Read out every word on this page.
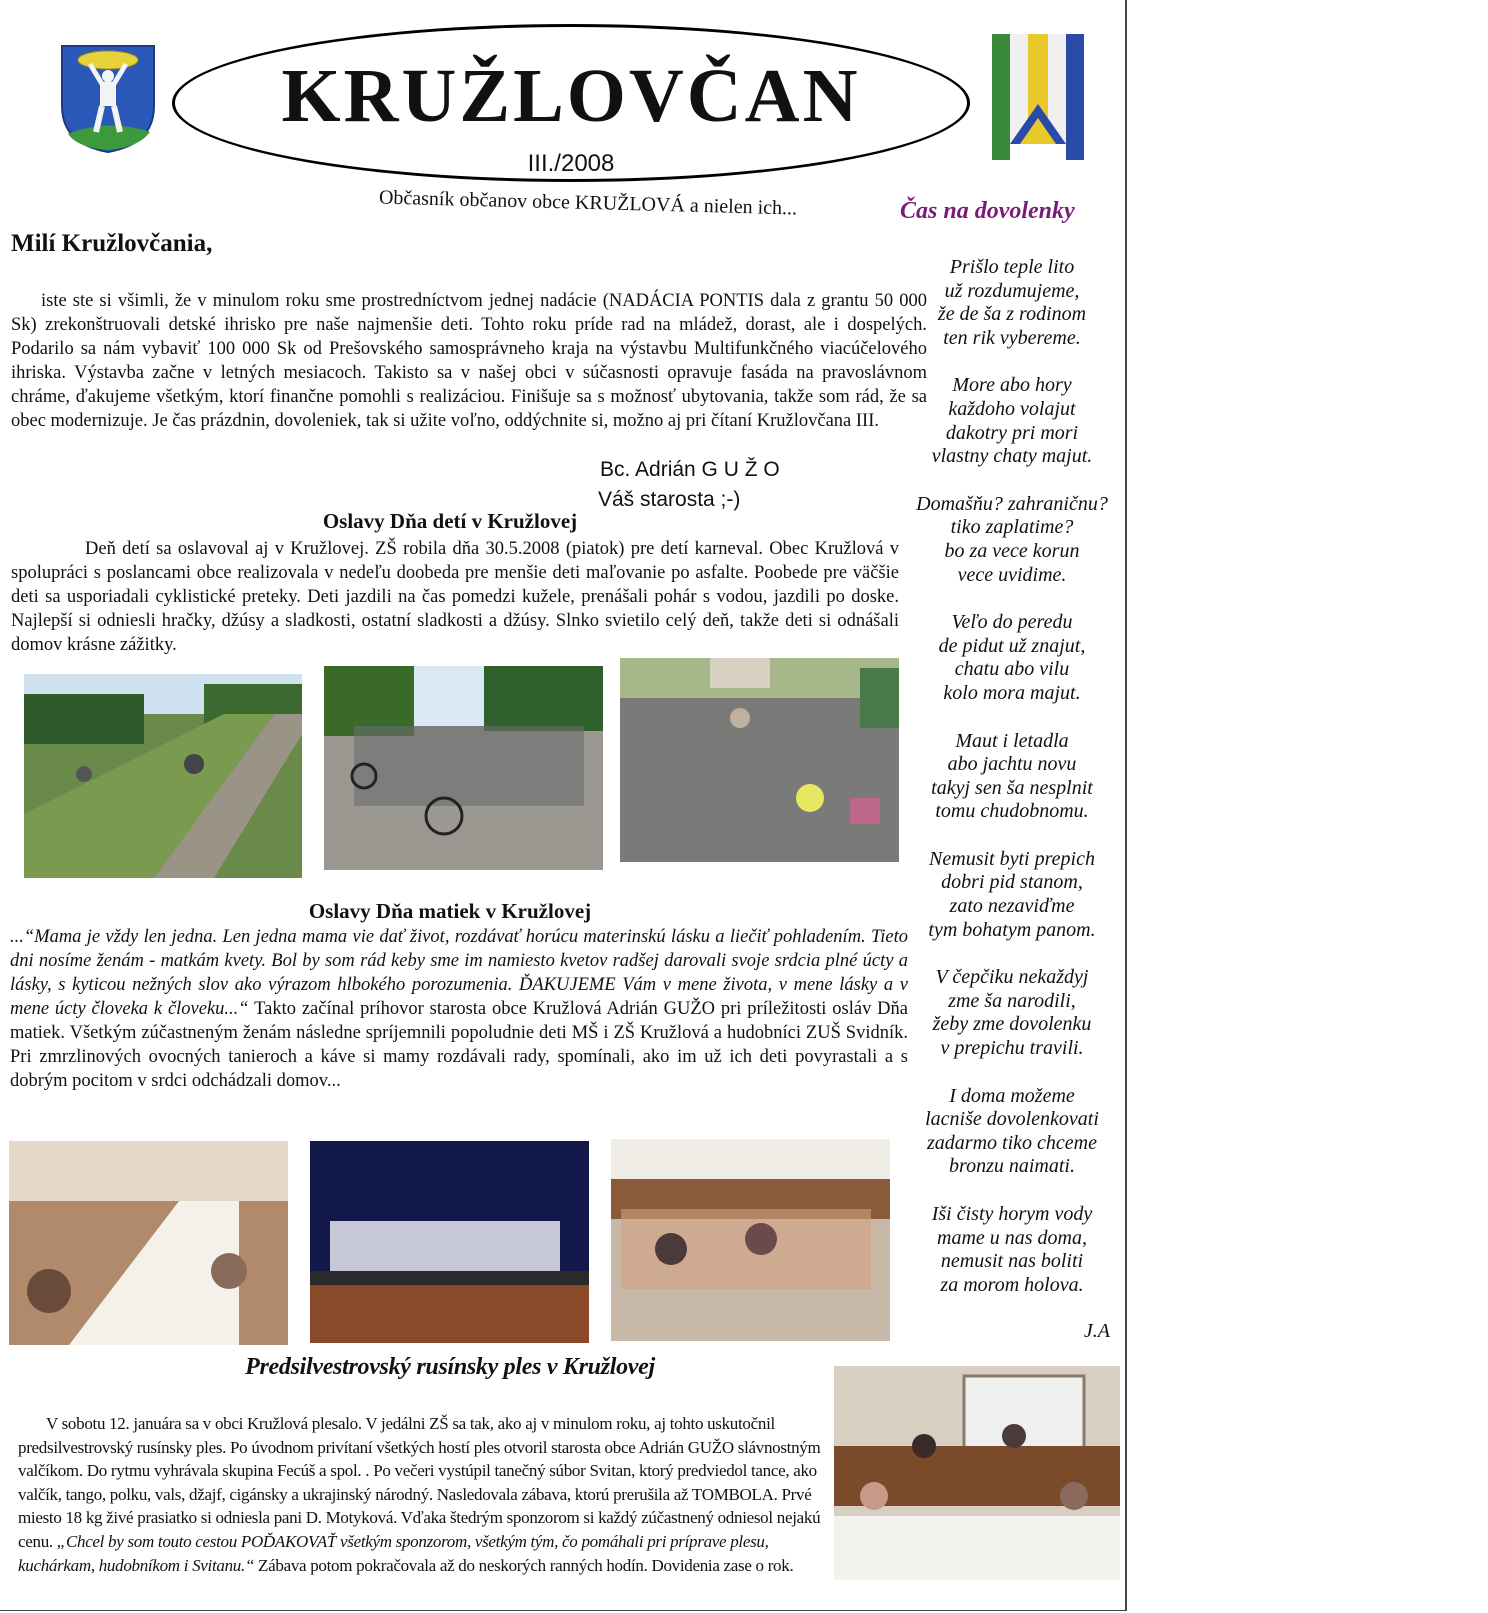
KRUŽLOVČAN
III./2008
Občasník občanov obce KRUŽLOVÁ a nielen ich...
Milí Kružlovčania,
iste ste si všimli, že v minulom roku sme prostredníctvom jednej nadácie (NADÁCIA PONTIS dala z grantu 50 000 Sk) zrekonštruovali detské ihrisko pre naše najmenšie deti. Tohto roku príde rad na mládež, dorast, ale i dospelých. Podarilo sa nám vybaviť 100 000 Sk od Prešovského samosprávneho kraja na výstavbu Multifunkčného viacúčelového ihriska. Výstavba začne v letných mesiacoch. Takisto sa v našej obci v súčasnosti opravuje fasáda na pravoslávnom chráme, ďakujeme všetkým, ktorí finančne pomohli s realizáciou. Finišuje sa s možnosť ubytovania, takže som rád, že sa obec modernizuje. Je čas prázdnin, dovoleniek, tak si užite voľno, oddýchnite si, možno aj pri čítaní Kružlovčana III.
Bc. Adrián G U Ž O
Váš starosta ;-)
Oslavy Dňa detí v Kružlovej
Deň detí sa oslavoval aj v Kružlovej. ZŠ robila dňa 30.5.2008 (piatok) pre detí karneval. Obec Kružlová v spolupráci s poslancami obce realizovala v nedeľu doobeda pre menšie deti maľovanie po asfalte. Poobede pre väčšie deti sa usporiadali cyklistické preteky. Deti jazdili na čas pomedzi kužele, prenášali pohár s vodou, jazdili po doske. Najlepší si odniesli hračky, džúsy a sladkosti, ostatní sladkosti a džúsy. Slnko svietilo celý deň, takže deti si odnášali domov krásne zážitky.
Oslavy Dňa matiek v Kružlovej
...“Mama je vždy len jedna. Len jedna mama vie dať život, rozdávať horúcu materinskú lásku a liečiť pohladením. Tieto dni nosíme ženám - matkám kvety. Bol by som rád keby sme im namiesto kvetov radšej darovali svoje srdcia plné úcty a lásky, s kyticou nežných slov ako výrazom hlbokého porozumenia. ĎAKUJEME Vám v mene života, v mene lásky a v mene úcty človeka k človeku...“ Takto začínal príhovor starosta obce Kružlová Adrián GUŽO pri príležitosti osláv Dňa matiek. Všetkým zúčastneným ženám následne spríjemnili popoludnie deti MŠ i ZŠ Kružlová a hudobníci ZUŠ Svidník. Pri zmrzlinových ovocných tanieroch a káve si mamy rozdávali rady, spomínali, ako im už ich deti povyrastali a s dobrým pocitom v srdci odchádzali domov...
Čas na dovolenky
Prišlo teple lito
už rozdumujeme,
že de ša z rodinom
ten rik vybereme.
More abo hory
každoho volajut
dakotry pri mori
vlastny chaty majut.
Domašňu? zahraničnu?
tiko zaplatime?
bo za vece korun
vece uvidime.
Veľo do peredu
de pidut už znajut,
chatu abo vilu
kolo mora majut.
Maut i letadla
abo jachtu novu
takyj sen ša nesplnit
tomu chudobnomu.
Nemusit byti prepich
dobri pid stanom,
zato nezaviďme
tym bohatym panom.
V čepčiku nekaždyj
zme ša narodili,
žeby zme dovolenku
v prepichu travili.
I doma možeme
lacniše dovolenkovati
zadarmo tiko chceme
bronzu naimati.
Iši čisty horym vody
mame u nas doma,
nemusit nas boliti
za morom holova.
J.A
Predsilvestrovský rusínsky ples v Kružlovej
V sobotu 12. januára sa v obci Kružlová plesalo. V jedálni ZŠ sa tak, ako aj v minulom roku, aj tohto uskutočnil predsilvestrovský rusínsky ples. Po úvodnom privítaní všetkých hostí ples otvoril starosta obce Adrián GUŽO slávnostným valčíkom. Do rytmu vyhrávala skupina Fecúš a spol. . Po večeri vystúpil tanečný súbor Svitan, ktorý predviedol tance, ako valčík, tango, polku, vals, džajf, cigánsky a ukrajinský národný. Nasledovala zábava, ktorú prerušila až TOMBOLA. Prvé miesto 18 kg živé prasiatko si odniesla pani D. Motyková. Vďaka štedrým sponzorom si každý zúčastnený odniesol nejakú cenu. „Chcel by som touto cestou POĎAKOVAŤ všetkým sponzorom, všetkým tým, čo pomáhali pri príprave plesu, kuchárkam, hudobníkom i Svitanu.“ Zábava potom pokračovala až do neskorých ranných hodín. Dovidenia zase o rok.
